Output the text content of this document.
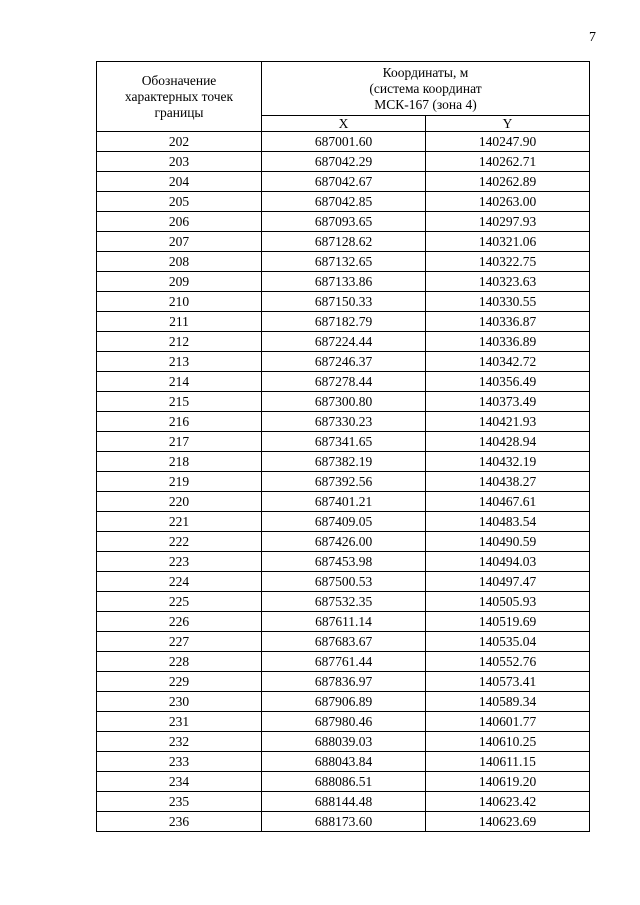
7
Обозначение
характерных точек
границы	Координаты, м
(система координат
МСК-167 (зона 4)	
	X	Y
202	687001.60	140247.90
203	687042.29	140262.71
204	687042.67	140262.89
205	687042.85	140263.00
206	687093.65	140297.93
207	687128.62	140321.06
208	687132.65	140322.75
209	687133.86	140323.63
210	687150.33	140330.55
211	687182.79	140336.87
212	687224.44	140336.89
213	687246.37	140342.72
214	687278.44	140356.49
215	687300.80	140373.49
216	687330.23	140421.93
217	687341.65	140428.94
218	687382.19	140432.19
219	687392.56	140438.27
220	687401.21	140467.61
221	687409.05	140483.54
222	687426.00	140490.59
223	687453.98	140494.03
224	687500.53	140497.47
225	687532.35	140505.93
226	687611.14	140519.69
227	687683.67	140535.04
228	687761.44	140552.76
229	687836.97	140573.41
230	687906.89	140589.34
231	687980.46	140601.77
232	688039.03	140610.25
233	688043.84	140611.15
234	688086.51	140619.20
235	688144.48	140623.42
236	688173.60	140623.69
